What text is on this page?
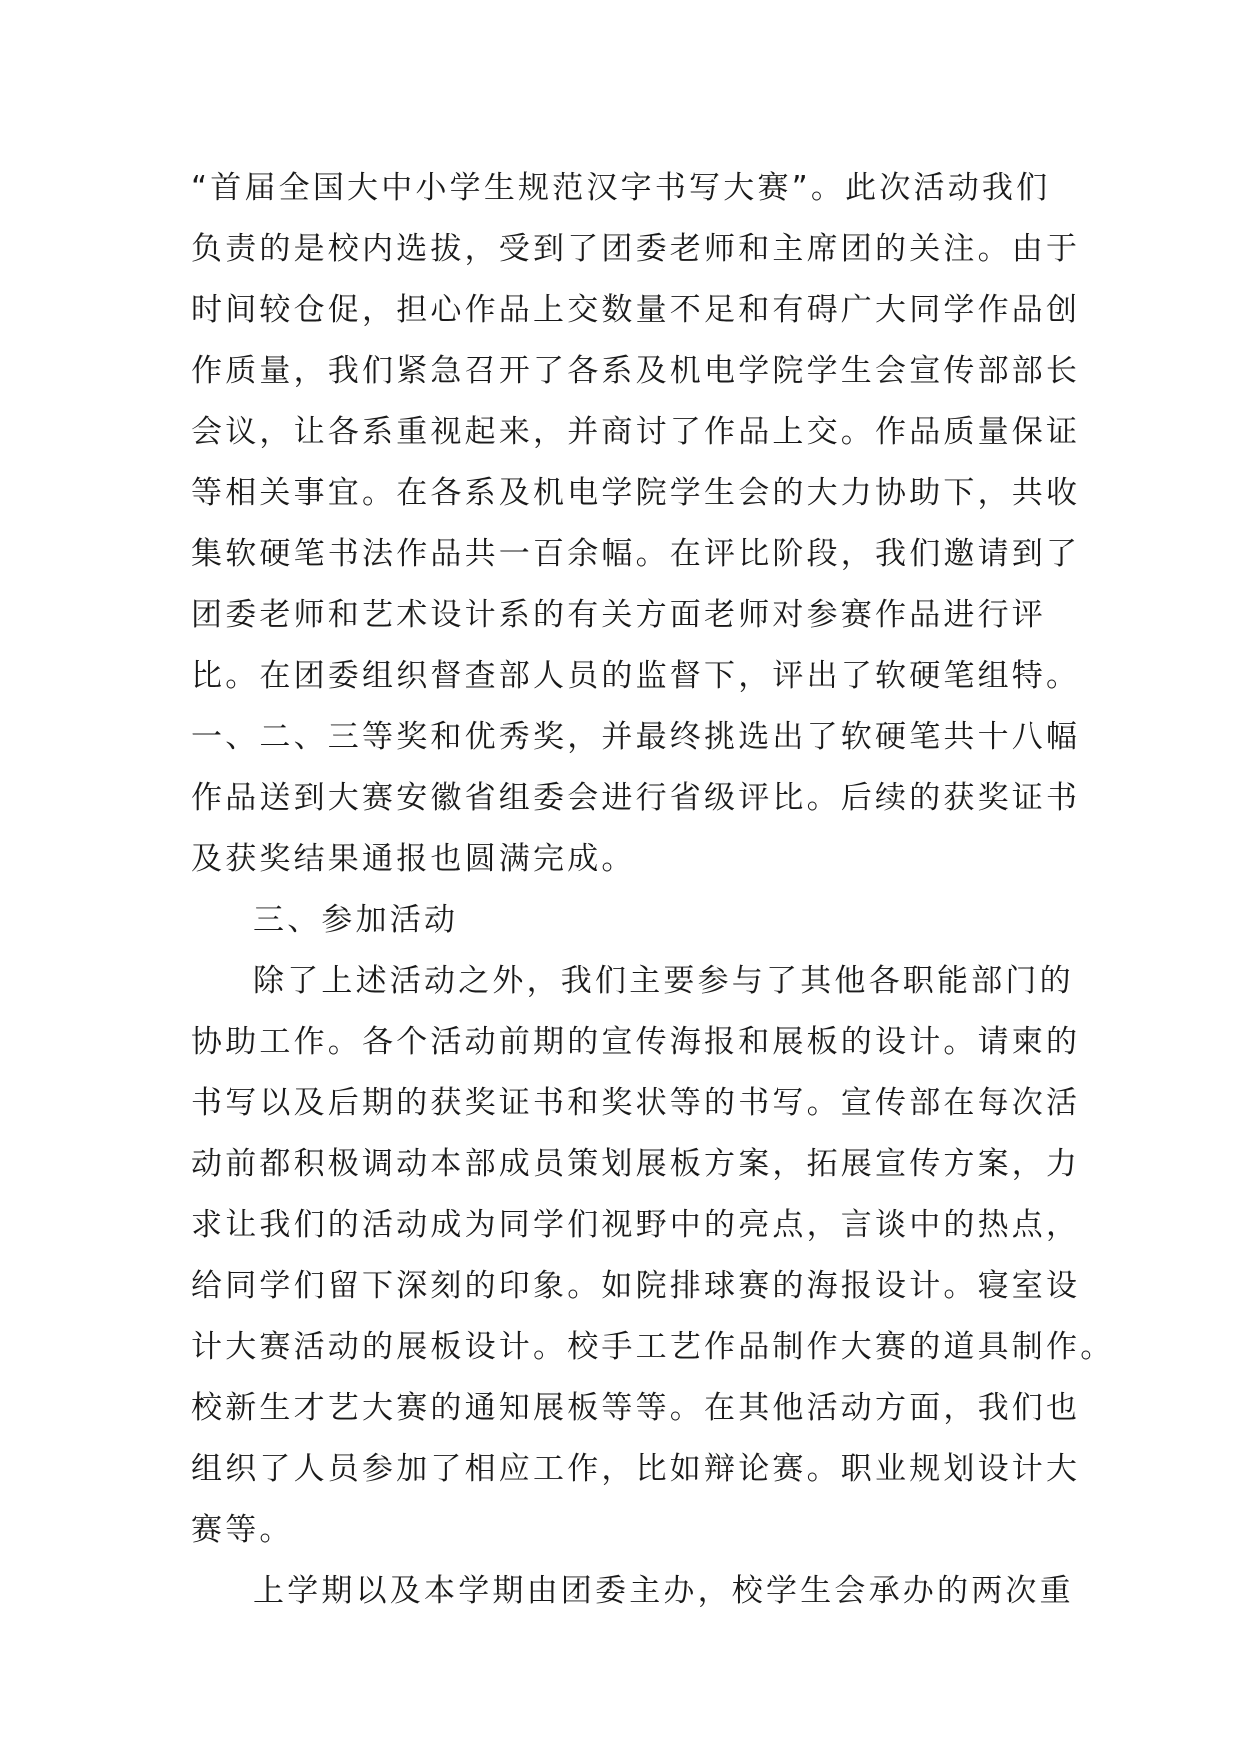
“首届全国大中小学生规范汉字书写大赛”。此次活动我们
负责的是校内选拔，受到了团委老师和主席团的关注。由于
时间较仓促，担心作品上交数量不足和有碍广大同学作品创
作质量，我们紧急召开了各系及机电学院学生会宣传部部长
会议，让各系重视起来，并商讨了作品上交。作品质量保证
等相关事宜。在各系及机电学院学生会的大力协助下，共收
集软硬笔书法作品共一百余幅。在评比阶段，我们邀请到了
团委老师和艺术设计系的有关方面老师对参赛作品进行评
比。在团委组织督查部人员的监督下，评出了软硬笔组特。
一、二、三等奖和优秀奖，并最终挑选出了软硬笔共十八幅
作品送到大赛安徽省组委会进行省级评比。后续的获奖证书
及获奖结果通报也圆满完成。
三、参加活动
除了上述活动之外，我们主要参与了其他各职能部门的
协助工作。各个活动前期的宣传海报和展板的设计。请柬的
书写以及后期的获奖证书和奖状等的书写。宣传部在每次活
动前都积极调动本部成员策划展板方案，拓展宣传方案，力
求让我们的活动成为同学们视野中的亮点，言谈中的热点，
给同学们留下深刻的印象。如院排球赛的海报设计。寝室设
计大赛活动的展板设计。校手工艺作品制作大赛的道具制作。
校新生才艺大赛的通知展板等等。在其他活动方面，我们也
组织了人员参加了相应工作，比如辩论赛。职业规划设计大
赛等。
上学期以及本学期由团委主办，校学生会承办的两次重
